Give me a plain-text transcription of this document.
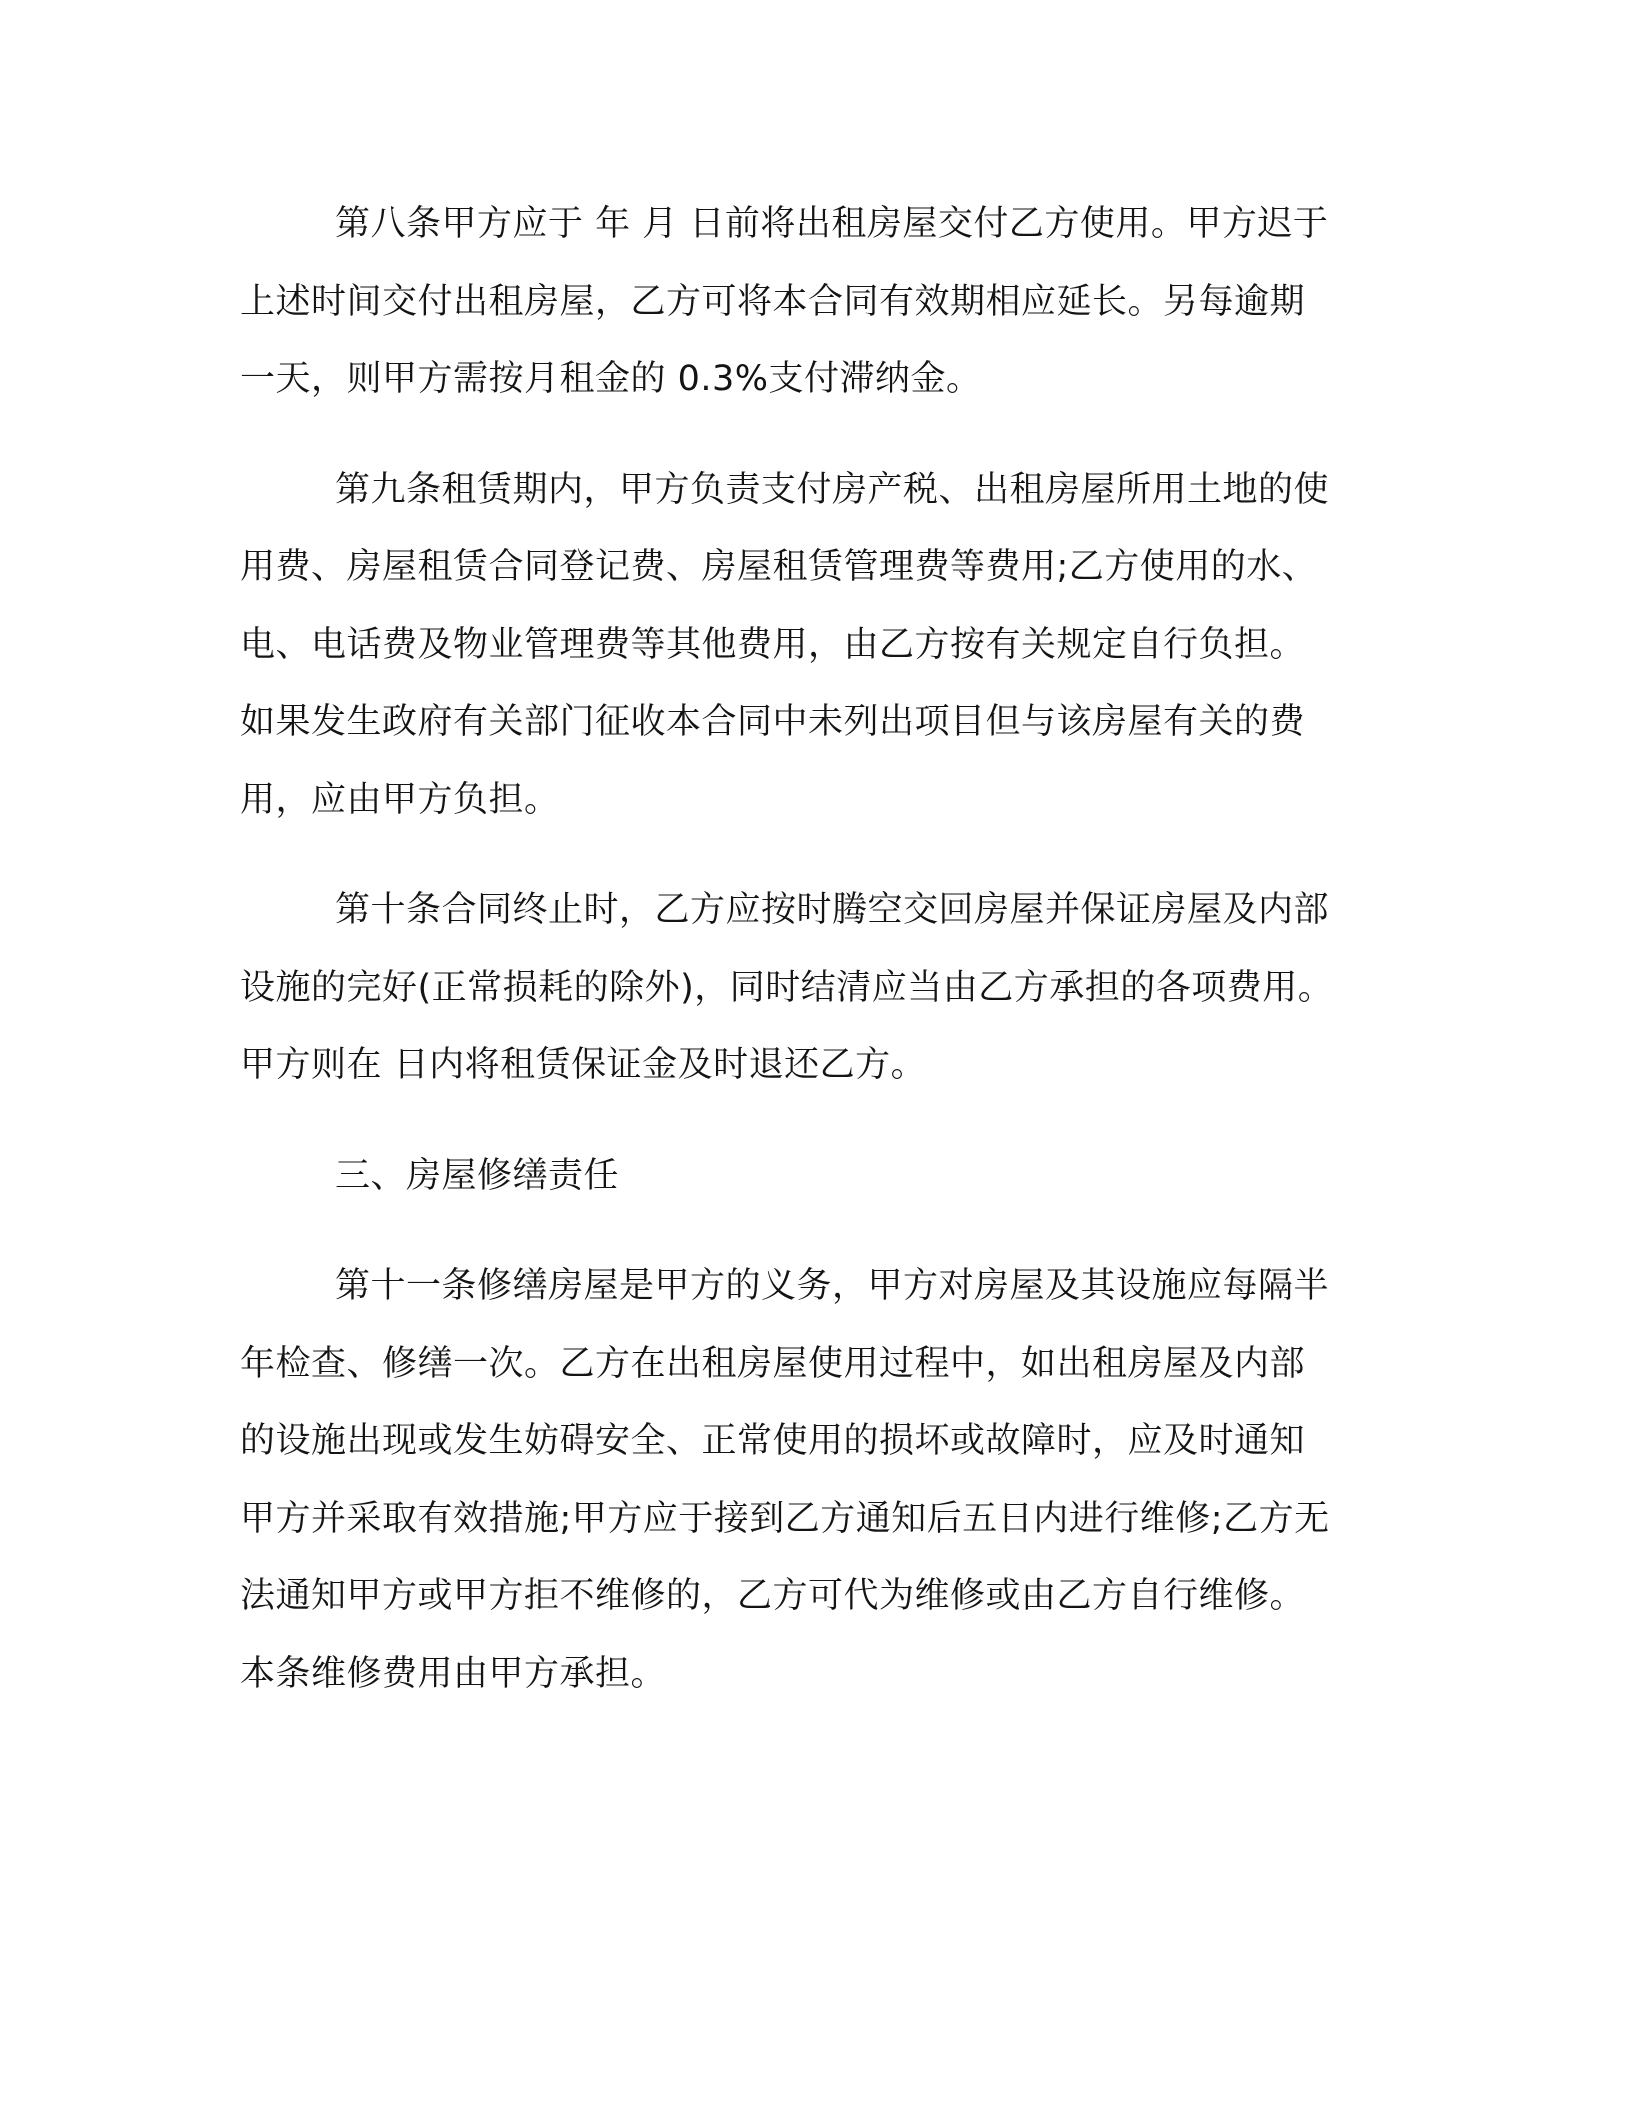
第八条甲方应于 年 月 日前将出租房屋交付乙方使用。甲方迟于
上述时间交付出租房屋，乙方可将本合同有效期相应延长。另每逾期
一天，则甲方需按月租金的 0.3%支付滞纳金。
第九条租赁期内，甲方负责支付房产税、出租房屋所用土地的使
用费、房屋租赁合同登记费、房屋租赁管理费等费用;乙方使用的水、
电、电话费及物业管理费等其他费用，由乙方按有关规定自行负担。
如果发生政府有关部门征收本合同中未列出项目但与该房屋有关的费
用，应由甲方负担。
第十条合同终止时，乙方应按时腾空交回房屋并保证房屋及内部
设施的完好(正常损耗的除外)，同时结清应当由乙方承担的各项费用。
甲方则在 日内将租赁保证金及时退还乙方。
三、房屋修缮责任
第十一条修缮房屋是甲方的义务，甲方对房屋及其设施应每隔半
年检查、修缮一次。乙方在出租房屋使用过程中，如出租房屋及内部
的设施出现或发生妨碍安全、正常使用的损坏或故障时，应及时通知
甲方并采取有效措施;甲方应于接到乙方通知后五日内进行维修;乙方无
法通知甲方或甲方拒不维修的，乙方可代为维修或由乙方自行维修。
本条维修费用由甲方承担。
